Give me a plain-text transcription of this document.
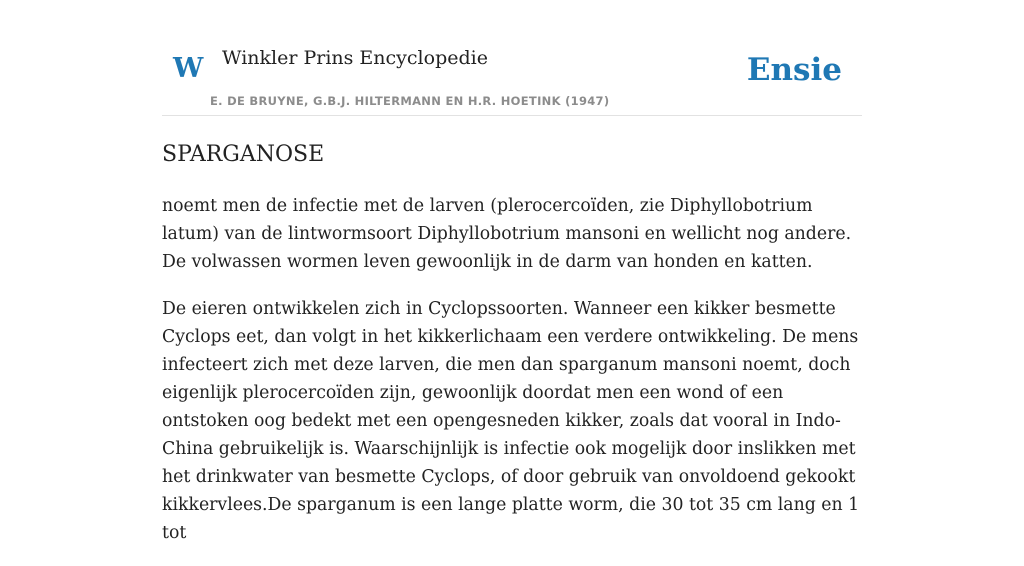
W Winkler Prins Encyclopedie
E. DE BRUYNE, G.B.J. HILTERMANN EN H.R. HOETINK (1947)
Ensie
SPARGANOSE

noemt men de infectie met de larven (plerocercoïden, zie Diphyllobotrium latum) van de lintwormsoort Diphyllobotrium mansoni en wellicht nog andere. De volwassen wormen leven gewoonlijk in de darm van honden en katten.

De eieren ontwikkelen zich in Cyclopssoorten. Wanneer een kikker besmette Cyclops eet, dan volgt in het kikkerlichaam een verdere ontwikkeling. De mens infecteert zich met deze larven, die men dan sparganum mansoni noemt, doch eigenlijk plerocercoïden zijn, gewoonlijk doordat men een wond of een ontstoken oog bedekt met een opengesneden kikker, zoals dat vooral in Indo-China gebruikelijk is. Waarschijnlijk is infectie ook mogelijk door inslikken met het drinkwater van besmette Cyclops, of door gebruik van onvoldoend gekookt kikkervlees.De sparganum is een lange platte worm, die 30 tot 35 cm lang en 1 tot
